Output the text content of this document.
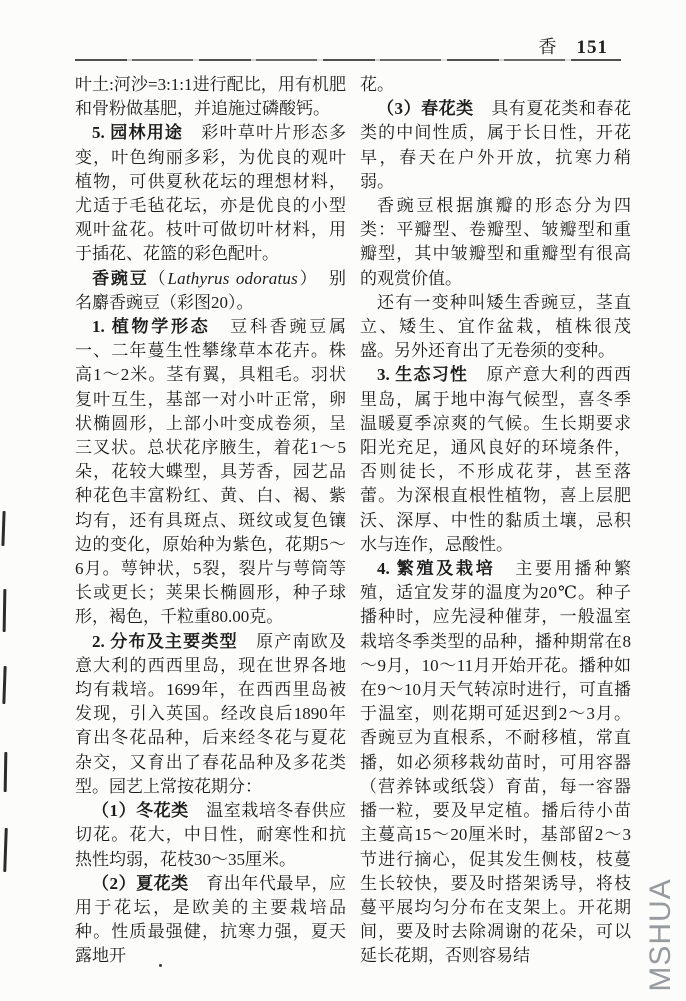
香 151

叶土:河沙=3:1:1进行配比，用有机肥和骨粉做基肥，并追施过磷酸钙。

5. 园林用途　彩叶草叶片形态多变，叶色绚丽多彩，为优良的观叶植物，可供夏秋花坛的理想材料，尤适于毛毡花坛，亦是优良的小型观叶盆花。枝叶可做切叶材料，用于插花、花篮的彩色配叶。

香豌豆（Lathyrus odoratus）　别名麝香豌豆（彩图20）。

1. 植物学形态　豆科香豌豆属一、二年蔓生性攀缘草本花卉。株高1～2米。茎有翼，具粗毛。羽状复叶互生，基部一对小叶正常，卵状椭圆形，上部小叶变成卷须，呈三叉状。总状花序腋生，着花1～5朵，花较大蝶型，具芳香，园艺品种花色丰富粉红、黄、白、褐、紫均有，还有具斑点、斑纹或复色镶边的变化，原始种为紫色，花期5～6月。萼钟状，5裂，裂片与萼筒等长或更长；荚果长椭圆形，种子球形，褐色，千粒重80.00克。

2. 分布及主要类型　原产南欧及意大利的西西里岛，现在世界各地均有栽培。1699年，在西西里岛被发现，引入英国。经改良后1890年育出冬花品种，后来经冬花与夏花杂交，又育出了春花品种及多花类型。园艺上常按花期分：

（1）冬花类　温室栽培冬春供应切花。花大，中日性，耐寒性和抗热性均弱，花枝30～35厘米。

（2）夏花类　育出年代最早，应用于花坛，是欧美的主要栽培品种。性质最强健，抗寒力强，夏天露地开

花。

（3）春花类　具有夏花类和春花类的中间性质，属于长日性，开花早，春天在户外开放，抗寒力稍弱。

香豌豆根据旗瓣的形态分为四类：平瓣型、卷瓣型、皱瓣型和重瓣型，其中皱瓣型和重瓣型有很高的观赏价值。

还有一变种叫矮生香豌豆，茎直立、矮生、宜作盆栽，植株很茂盛。另外还育出了无卷须的变种。

3. 生态习性　原产意大利的西西里岛，属于地中海气候型，喜冬季温暖夏季凉爽的气候。生长期要求阳光充足，通风良好的环境条件，否则徒长，不形成花芽，甚至落蕾。为深根直根性植物，喜上层肥沃、深厚、中性的黏质土壤，忌积水与连作，忌酸性。

4. 繁殖及栽培　主要用播种繁殖，适宜发芽的温度为20℃。种子播种时，应先浸种催芽，一般温室栽培冬季类型的品种，播种期常在8～9月，10～11月开始开花。播种如在9～10月天气转凉时进行，可直播于温室，则花期可延迟到2～3月。香豌豆为直根系，不耐移植，常直播，如必须移栽幼苗时，可用容器（营养钵或纸袋）育苗，每一容器播一粒，要及早定植。播后待小苗主蔓高15～20厘米时，基部留2～3节进行摘心，促其发生侧枝，枝蔓生长较快，要及时搭架诱导，将枝蔓平展均匀分布在支架上。开花期间，要及时去除凋谢的花朵，可以延长花期，否则容易结	MSHUA
